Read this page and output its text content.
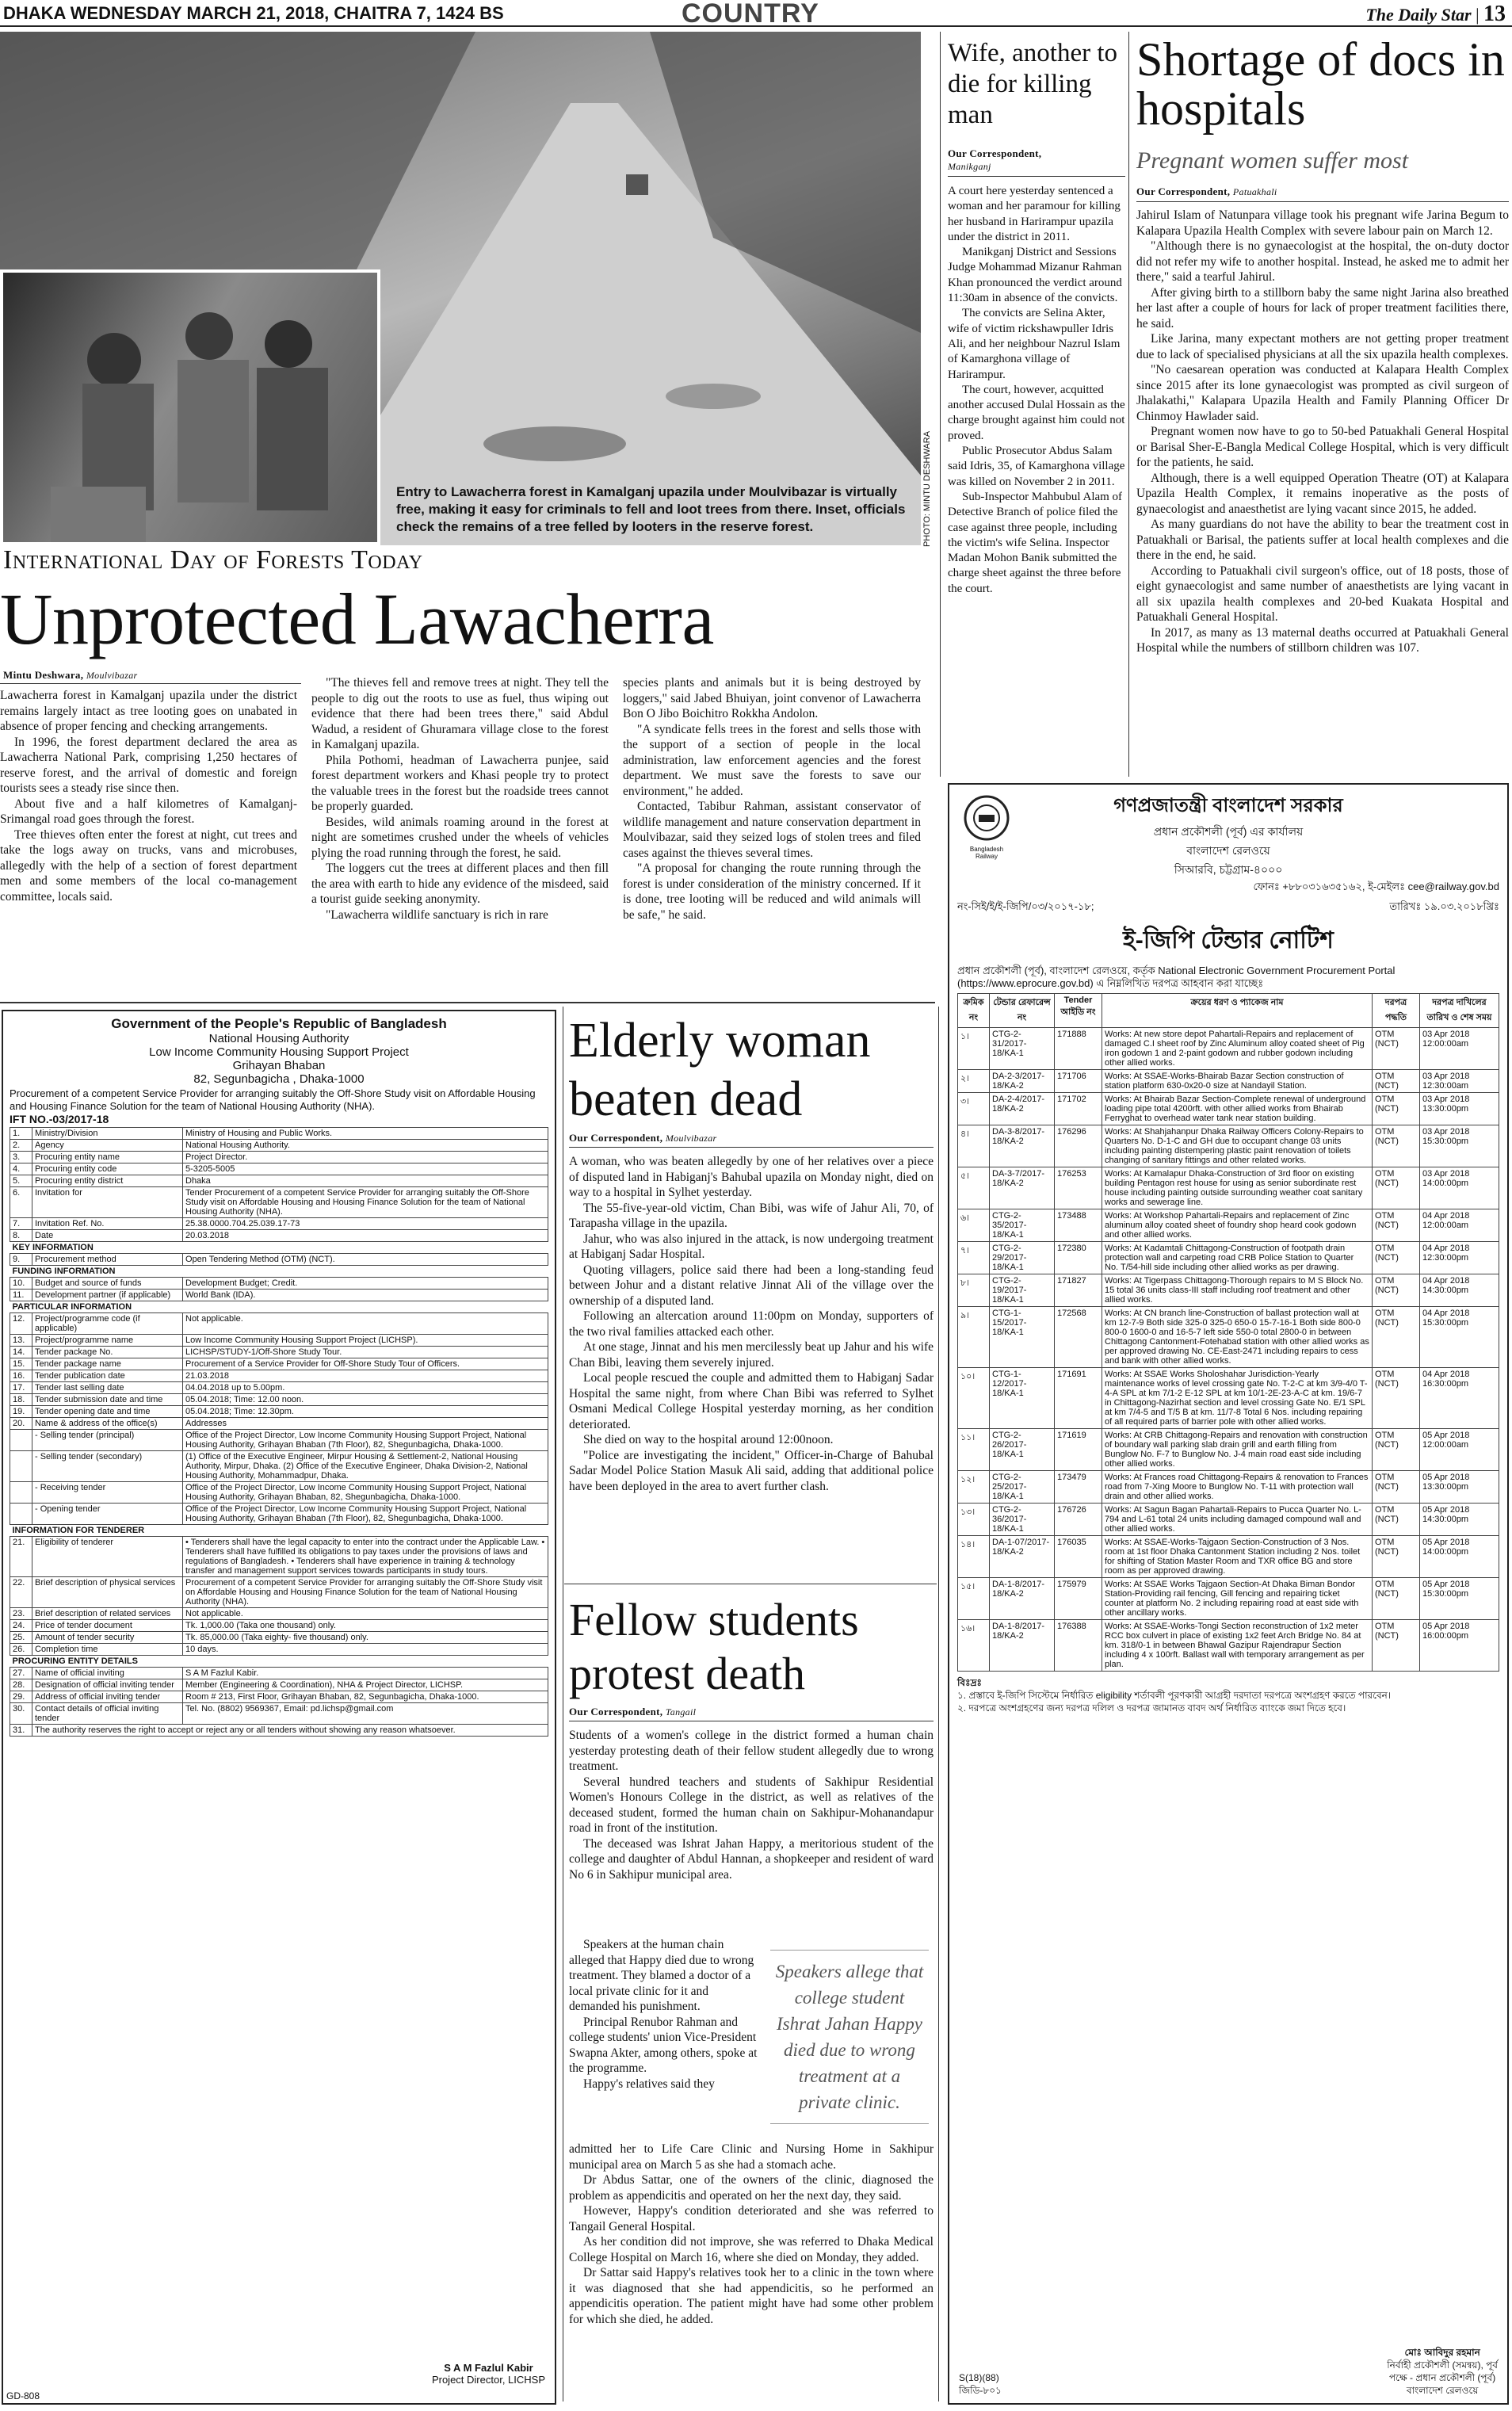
DHAKA WEDNESDAY MARCH 21, 2018, CHAITRA 7, 1424 BS	COUNTRY	The Daily Star | 13
PHOTO: MINTU DESHWARA
Entry to Lawacherra forest in Kamalganj upazila under Moulvibazar is virtually free, making it easy for criminals to fell and loot trees from there. Inset, officials check the remains of a tree felled by looters in the reserve forest.
International Day of Forests Today
Unprotected Lawacherra
Mintu Deshwara, Moulvibazar

Lawacherra forest in Kamalganj upazila under the district remains largely intact as tree looting goes on unabated in absence of proper fencing and checking arrangements.

In 1996, the forest department declared the area as Lawacherra National Park, comprising 1,250 hectares of reserve forest, and the arrival of domestic and foreign tourists sees a steady rise since then.

About five and a half kilometres of Kamalganj-Srimangal road goes through the forest.

Tree thieves often enter the forest at night, cut trees and take the logs away on trucks, vans and microbuses, allegedly with the help of a section of forest department men and some members of the local co-management committee, locals said.

"The thieves fell and remove trees at night. They tell the people to dig out the roots to use as fuel, thus wiping out evidence that there had been trees there," said Abdul Wadud, a resident of Ghuramara village close to the forest in Kamalganj upazila.

Phila Pothomi, headman of Lawacherra punjee, said forest department workers and Khasi people try to protect the valuable trees in the forest but the roadside trees cannot be properly guarded.

Besides, wild animals roaming around in the forest at night are sometimes crushed under the wheels of vehicles plying the road running through the forest, he said.

The loggers cut the trees at different places and then fill the area with earth to hide any evidence of the misdeed, said a tourist guide seeking anonymity.

"Lawacherra wildlife sanctuary is rich in rare

species plants and animals but it is being destroyed by loggers," said Jabed Bhuiyan, joint convenor of Lawacherra Bon O Jibo Boichitro Rokkha Andolon.

"A syndicate fells trees in the forest and sells those with the support of a section of people in the local administration, law enforcement agencies and the forest department. We must save the forests to save our environment," he added.

Contacted, Tabibur Rahman, assistant conservator of wildlife management and nature conservation department in Moulvibazar, said they seized logs of stolen trees and filed cases against the thieves several times.

"A proposal for changing the route running through the forest is under consideration of the ministry concerned. If it is done, tree looting will be reduced and wild animals will be safe," he said.

Wife, another to die for killing man
Our Correspondent,
Manikganj

A court here yesterday sentenced a woman and her paramour for killing her husband in Harirampur upazila under the district in 2011.

Manikganj District and Sessions Judge Mohammad Mizanur Rahman Khan pronounced the verdict around 11:30am in absence of the convicts.

The convicts are Selina Akter, wife of victim rickshawpuller Idris Ali, and her neighbour Nazrul Islam of Kamarghona village of Harirampur.

The court, however, acquitted another accused Dulal Hossain as the charge brought against him could not proved.

Public Prosecutor Abdus Salam said Idris, 35, of Kamarghona village was killed on November 2 in 2011.

Sub-Inspector Mahbubul Alam of Detective Branch of police filed the case against three people, including the victim's wife Selina. Inspector Madan Mohon Banik submitted the charge sheet against the three before the court.

Shortage of docs in hospitals
Pregnant women suffer most
Our Correspondent, Patuakhali

Jahirul Islam of Natunpara village took his pregnant wife Jarina Begum to Kalapara Upazila Health Complex with severe labour pain on March 12.

"Although there is no gynaecologist at the hospital, the on-duty doctor did not refer my wife to another hospital. Instead, he asked me to admit her there," said a tearful Jahirul.

After giving birth to a stillborn baby the same night Jarina also breathed her last after a couple of hours for lack of proper treatment facilities there, he said.

Like Jarina, many expectant mothers are not getting proper treatment due to lack of specialised physicians at all the six upazila health complexes.

"No caesarean operation was conducted at Kalapara Health Complex since 2015 after its lone gynaecologist was prompted as civil surgeon of Jhalakathi," Kalapara Upazila Health and Family Planning Officer Dr Chinmoy Hawlader said.

Pregnant women now have to go to 50-bed Patuakhali General Hospital or Barisal Sher-E-Bangla Medical College Hospital, which is very difficult for the patients, he said.

Although, there is a well equipped Operation Theatre (OT) at Kalapara Upazila Health Complex, it remains inoperative as the posts of gynaecologist and anaesthetist are lying vacant since 2015, he added.

As many guardians do not have the ability to bear the treatment cost in Patuakhali or Barisal, the patients suffer at local health complexes and die there in the end, he said.

According to Patuakhali civil surgeon's office, out of 18 posts, those of eight gynaecologist and same number of anaesthetists are lying vacant in all six upazila health complexes and 20-bed Kuakata Hospital and Patuakhali General Hospital.

In 2017, as many as 13 maternal deaths occurred at Patuakhali General Hospital while the numbers of stillborn children was 107.

Government of the People's Republic of Bangladesh
National Housing Authority
Low Income Community Housing Support Project
Grihayan Bhaban
82, Segunbagicha , Dhaka-1000
Procurement of a competent Service Provider for arranging suitably the Off-Shore Study visit on Affordable Housing and Housing Finance Solution for the team of National Housing Authority (NHA).
IFT NO.-03/2017-18
1.	Ministry/Division	Ministry of Housing and Public Works.
2.	Agency	National Housing Authority.
3.	Procuring entity name	Project Director.
4.	Procuring entity code	5-3205-5005
5.	Procuring entity district	Dhaka
6.	Invitation for	Tender Procurement of a competent Service Provider for arranging suitably the Off-Shore Study visit on Affordable Housing and Housing Finance Solution for the team of National Housing Authority (NHA).
7.	Invitation Ref. No.	25.38.0000.704.25.039.17-73
8.	Date	20.03.2018
KEY INFORMATION		
9.	Procurement method	Open Tendering Method (OTM) (NCT).
FUNDING INFORMATION		
10.	Budget and source of funds	Development Budget; Credit.
11.	Development partner (if applicable)	World Bank (IDA).
PARTICULAR INFORMATION		
12.	Project/programme code (if applicable)	Not applicable.
13.	Project/programme name	Low Income Community Housing Support Project (LICHSP).
14.	Tender package No.	LICHSP/STUDY-1/Off-Shore Study Tour.
15.	Tender package name	Procurement of a Service Provider for Off-Shore Study Tour of Officers.
16.	Tender publication date	21.03.2018
17.	Tender last selling date	04.04.2018 up to 5.00pm.
18.	Tender submission date and time	05.04.2018; Time: 12.00 noon.
19.	Tender opening date and time	05.04.2018; Time: 12.30pm.
20.	Name & address of the office(s)	Addresses
	- Selling tender (principal)	Office of the Project Director, Low Income Community Housing Support Project, National Housing Authority, Grihayan Bhaban (7th Floor), 82, Shegunbagicha, Dhaka-1000.
	- Selling tender (secondary)	(1) Office of the Executive Engineer, Mirpur Housing & Settlement-2, National Housing Authority, Mirpur, Dhaka. (2) Office of the Executive Engineer, Dhaka Division-2, National Housing Authority, Mohammadpur, Dhaka.
	- Receiving tender	Office of the Project Director, Low Income Community Housing Support Project, National Housing Authority, Grihayan Bhaban, 82, Shegunbagicha, Dhaka-1000.
	- Opening tender	Office of the Project Director, Low Income Community Housing Support Project, National Housing Authority, Grihayan Bhaban (7th Floor), 82, Shegunbagicha, Dhaka-1000.
INFORMATION FOR TENDERER		
21.	Eligibility of tenderer	• Tenderers shall have the legal capacity to enter into the contract under the Applicable Law. • Tenderers shall have fulfilled its obligations to pay taxes under the provisions of laws and regulations of Bangladesh. • Tenderers shall have experience in training & technology transfer and management support services towards participants in study tours.
22.	Brief description of physical services	Procurement of a competent Service Provider for arranging suitably the Off-Shore Study visit on Affordable Housing and Housing Finance Solution for the team of National Housing Authority (NHA).
23.	Brief description of related services	Not applicable.
24.	Price of tender document	Tk. 1,000.00 (Taka one thousand) only.
25.	Amount of tender security	Tk. 85,000.00 (Taka eighty- five thousand) only.
26.	Completion time	10 days.
PROCURING ENTITY DETAILS		
27.	Name of official inviting	S A M Fazlul Kabir.
28.	Designation of official inviting tender	Member (Engineering & Coordination), NHA & Project Director, LICHSP.
29.	Address of official inviting tender	Room # 213, First Floor, Grihayan Bhaban, 82, Segunbagicha, Dhaka-1000.
30.	Contact details of official inviting tender	Tel. No. (8802) 9569367, Email: pd.lichsp@gmail.com
31.	The authority reserves the right to accept or reject any or all tenders without showing any reason whatsoever.	
S A M Fazlul Kabir
Project Director, LICHSP
GD-808
Elderly woman beaten dead
Our Correspondent, Moulvibazar

A woman, who was beaten allegedly by one of her relatives over a piece of disputed land in Habiganj's Bahubal upazila on Monday night, died on way to a hospital in Sylhet yesterday.

The 55-five-year-old victim, Chan Bibi, was wife of Jahur Ali, 70, of Tarapasha village in the upazila.

Jahur, who was also injured in the attack, is now undergoing treatment at Habiganj Sadar Hospital.

Quoting villagers, police said there had been a long-standing feud between Johur and a distant relative Jinnat Ali of the village over the ownership of a disputed land.

Following an altercation around 11:00pm on Monday, supporters of the two rival families attacked each other.

At one stage, Jinnat and his men mercilessly beat up Jahur and his wife Chan Bibi, leaving them severely injured.

Local people rescued the couple and admitted them to Habiganj Sadar Hospital the same night, from where Chan Bibi was referred to Sylhet Osmani Medical College Hospital yesterday morning, as her condition deteriorated.

She died on way to the hospital around 12:00noon.

"Police are investigating the incident," Officer-in-Charge of Bahubal Sadar Model Police Station Masuk Ali said, adding that additional police have been deployed in the area to avert further clash.

Fellow students protest death
Our Correspondent, Tangail

Students of a women's college in the district formed a human chain yesterday protesting death of their fellow student allegedly due to wrong treatment.

Several hundred teachers and students of Sakhipur Residential Women's Honours College in the district, as well as relatives of the deceased student, formed the human chain on Sakhipur-Mohanandapur road in front of the institution.

The deceased was Ishrat Jahan Happy, a meritorious student of the college and daughter of Abdul Hannan, a shopkeeper and resident of ward No 6 in Sakhipur municipal area.

Speakers at the human chain alleged that Happy died due to wrong treatment. They blamed a doctor of a local private clinic for it and demanded his punishment.

Principal Renubor Rahman and college students' union Vice-President Swapna Akter, among others, spoke at the programme.

Happy's relatives said they

Speakers allege that college student Ishrat Jahan Happy died due to wrong treatment at a private clinic.

admitted her to Life Care Clinic and Nursing Home in Sakhipur municipal area on March 5 as she had a stomach ache.

Dr Abdus Sattar, one of the owners of the clinic, diagnosed the problem as appendicitis and operated on her the next day, they said.

However, Happy's condition deteriorated and she was referred to Tangail General Hospital.

As her condition did not improve, she was referred to Dhaka Medical College Hospital on March 16, where she died on Monday, they added.

Dr Sattar said Happy's relatives took her to a clinic in the town where it was diagnosed that she had appendicitis, so he performed an appendicitis operation. The patient might have had some other problem for which she died, he added.

Bangladesh Railway
গণপ্রজাতন্ত্রী বাংলাদেশ সরকার
প্রধান প্রকৌশলী (পূর্ব) এর কার্যালয়
বাংলাদেশ রেলওয়ে
সিআরবি, চট্টগ্রাম-৪০০০
ফোনঃ +৮৮০৩১৬৩৫১৬২, ই-মেইলঃ cee@railway.gov.bd
নং-সিই/ই/ই-জিপি/০৩/২০১৭-১৮;	তারিখঃ ১৯.০৩.২০১৮খ্রিঃ
ই-জিপি টেন্ডার নোটিশ
প্রধান প্রকৌশলী (পূর্ব), বাংলাদেশ রেলওয়ে, কর্তৃক National Electronic Government Procurement Portal (https://www.eprocure.gov.bd) এ নিম্নলিখিত দরপত্র আহবান করা যাচ্ছেঃ
ক্রমিক নং	টেন্ডার রেফারেন্স নং	Tender আইডি নং	ক্রয়ের ধরণ ও প্যাকেজ নাম	দরপত্র পদ্ধতি	দরপত্র দাখিলের তারিখ ও শেষ সময়
১।	CTG-2-31/2017-18/KA-1	171888	Works: At new store depot Pahartali-Repairs and replacement of damaged C.I sheet roof by Zinc Aluminum alloy coated sheet of Pig iron godown 1 and 2-paint godown and rubber godown including other allied works.	OTM (NCT)	03 Apr 2018 12:00:00am
২।	DA-2-3/2017-18/KA-2	171706	Works: At SSAE-Works-Bhairab Bazar Section construction of station platform 630-0x20-0 size at Nandayil Station.	OTM (NCT)	03 Apr 2018 12:30:00am
৩।	DA-2-4/2017-18/KA-2	171702	Works: At Bhairab Bazar Section-Complete renewal of underground loading pipe total 4200rft. with other allied works from Bhairab Ferryghat to overhead water tank near station building.	OTM (NCT)	03 Apr 2018 13:30:00pm
৪।	DA-3-8/2017-18/KA-2	176296	Works: At Shahjahanpur Dhaka Railway Officers Colony-Repairs to Quarters No. D-1-C and GH due to occupant change 03 units including painting distempering plastic paint renovation of toilets changing of sanitary fittings and other related works.	OTM (NCT)	03 Apr 2018 15:30:00pm
৫।	DA-3-7/2017-18/KA-2	176253	Works: At Kamalapur Dhaka-Construction of 3rd floor on existing building Pentagon rest house for using as senior subordinate rest house including painting outside surrounding weather coat sanitary works and sewerage line.	OTM (NCT)	03 Apr 2018 14:00:00pm
৬।	CTG-2-35/2017-18/KA-1	173488	Works: At Workshop Pahartali-Repairs and replacement of Zinc aluminum alloy coated sheet of foundry shop heard cook godown and other allied works.	OTM (NCT)	04 Apr 2018 12:00:00am
৭।	CTG-2-29/2017-18/KA-1	172380	Works: At Kadamtali Chittagong-Construction of footpath drain protection wall and carpeting road CRB Police Station to Quarter No. T/54-hill side including other allied works as per drawing.	OTM (NCT)	04 Apr 2018 12:30:00pm
৮।	CTG-2-19/2017-18/KA-1	171827	Works: At Tigerpass Chittagong-Thorough repairs to M S Block No. 15 total 36 units class-III staff including roof treatment and other allied works.	OTM (NCT)	04 Apr 2018 14:30:00pm
৯।	CTG-1-15/2017-18/KA-1	172568	Works: At CN branch line-Construction of ballast protection wall at km 12-7-9 Both side 325-0 325-0 650-0 15-7-16-1 Both side 800-0 800-0 1600-0 and 16-5-7 left side 550-0 total 2800-0 in between Chittagong Cantonment-Fotehabad station with other allied works as per approved drawing No. CE-East-2471 including repairs to cess and bank with other allied works.	OTM (NCT)	04 Apr 2018 15:30:00pm
১০।	CTG-1-12/2017-18/KA-1	171691	Works: At SSAE Works Sholoshahar Jurisdiction-Yearly maintenance works of level crossing gate No. T-2-C at km 3/9-4/0 T-4-A SPL at km 7/1-2 E-12 SPL at km 10/1-2E-23-A-C at km. 19/6-7 in Chittagong-Nazirhat section and level crossing Gate No. E/1 SPL at km 7/4-5 and T/5 B at km. 11/7-8 Total 6 Nos. including repairing of all required parts of barrier pole with other allied works.	OTM (NCT)	04 Apr 2018 16:30:00pm
১১।	CTG-2-26/2017-18/KA-1	171619	Works: At CRB Chittagong-Repairs and renovation with construction of boundary wall parking slab drain grill and earth filling from Bunglow No. F-7 to Bunglow No. J-4 main road east side including other allied works.	OTM (NCT)	05 Apr 2018 12:00:00am
১২।	CTG-2-25/2017-18/KA-1	173479	Works: At Frances road Chittagong-Repairs & renovation to Frances road from 7-Xing Moore to Bunglow No. T-11 with protection wall drain and other allied works.	OTM (NCT)	05 Apr 2018 13:30:00pm
১৩।	CTG-2-36/2017-18/KA-1	176726	Works: At Sagun Bagan Pahartali-Repairs to Pucca Quarter No. L-794 and L-61 total 24 units including damaged compound wall and other allied works.	OTM (NCT)	05 Apr 2018 14:30:00pm
১৪।	DA-1-07/2017-18/KA-2	176035	Works: At SSAE-Works-Tajgaon Section-Construction of 3 Nos. room at 1st floor Dhaka Cantonment Station including 2 Nos. toilet for shifting of Station Master Room and TXR office BG and store room as per approved drawing.	OTM (NCT)	05 Apr 2018 14:00:00pm
১৫।	DA-1-8/2017-18/KA-2	175979	Works: At SSAE Works Tajgaon Section-At Dhaka Biman Bondor Station-Providing rail fencing, Gill fencing and repairing ticket counter at platform No. 2 including repairing road at east side with other ancillary works.	OTM (NCT)	05 Apr 2018 15:30:00pm
১৬।	DA-1-8/2017-18/KA-2	176388	Works: At SSAE-Works-Tongi Section reconstruction of 1x2 meter RCC box culvert in place of existing 1x2 feet Arch Bridge No. 84 at km. 318/0-1 in between Bhawal Gazipur Rajendrapur Section including 4 x 100rft. Ballast wall with temporary arrangement as per plan.	OTM (NCT)	05 Apr 2018 16:00:00pm
বিঃদ্রঃ
১. প্রস্তাবে ই-জিপি সিস্টেমে নির্ধারিত eligibility শর্তাবলী পূরণকারী আগ্রহী দরদাতা দরপত্রে অংশগ্রহণ করতে পারবেন।
২. দরপত্রে অংশগ্রহণের জন্য দরপত্র দলিল ও দরপত্র জামানত বাবদ অর্থ নির্ধারিত ব্যাংকে জমা দিতে হবে।
মোঃ আবিদুর রহমান
নির্বাহী প্রকৌশলী (সমন্বয়), পূর্ব
পক্ষে - প্রধান প্রকৌশলী (পূর্ব)
বাংলাদেশ রেলওয়ে
S(18)(88)
জিডি-৮০১
